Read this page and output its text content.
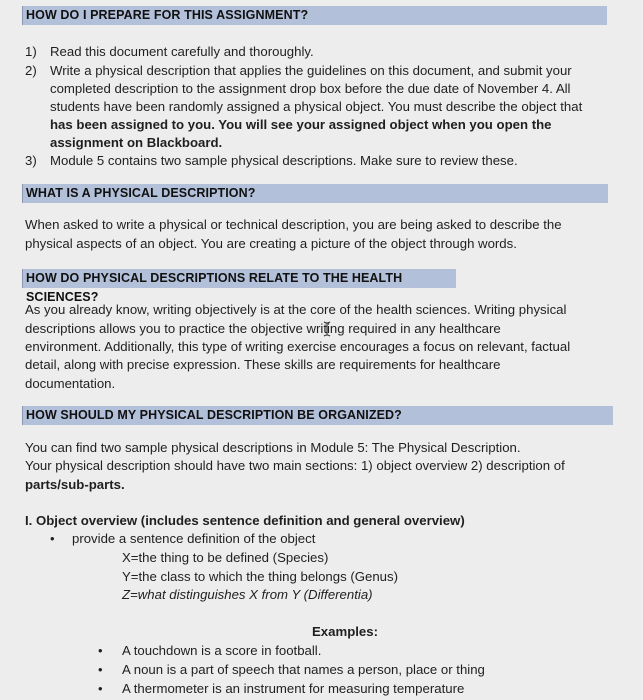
HOW DO I PREPARE FOR THIS ASSIGNMENT?
1) Read this document carefully and thoroughly.
2) Write a physical description that applies the guidelines on this document, and submit your
completed description to the assignment drop box before the due date of November 4. All
students have been randomly assigned a physical object. You must describe the object that
has been assigned to you. You will see your assigned object when you open the
assignment on Blackboard.
3) Module 5 contains two sample physical descriptions. Make sure to review these.
WHAT IS A PHYSICAL DESCRIPTION?
When asked to write a physical or technical description, you are being asked to describe the
physical aspects of an object. You are creating a picture of the object through words.
HOW DO PHYSICAL DESCRIPTIONS RELATE TO THE HEALTH SCIENCES?
As you already know, writing objectively is at the core of the health sciences. Writing physical
descriptions allows you to practice the objective writing required in any healthcare
environment. Additionally, this type of writing exercise encourages a focus on relevant, factual
detail, along with precise expression. These skills are requirements for healthcare
documentation.
HOW SHOULD MY PHYSICAL DESCRIPTION BE ORGANIZED?
You can find two sample physical descriptions in Module 5: The Physical Description.
Your physical description should have two main sections: 1) object overview 2) description of
parts/sub-parts.
I. Object overview (includes sentence definition and general overview)
• provide a sentence definition of the object
X=the thing to be defined (Species)
Y=the class to which the thing belongs (Genus)
Z=what distinguishes X from Y (Differentia)
Examples:
• A touchdown is a score in football.
• A noun is a part of speech that names a person, place or thing
• A thermometer is an instrument for measuring temperature
